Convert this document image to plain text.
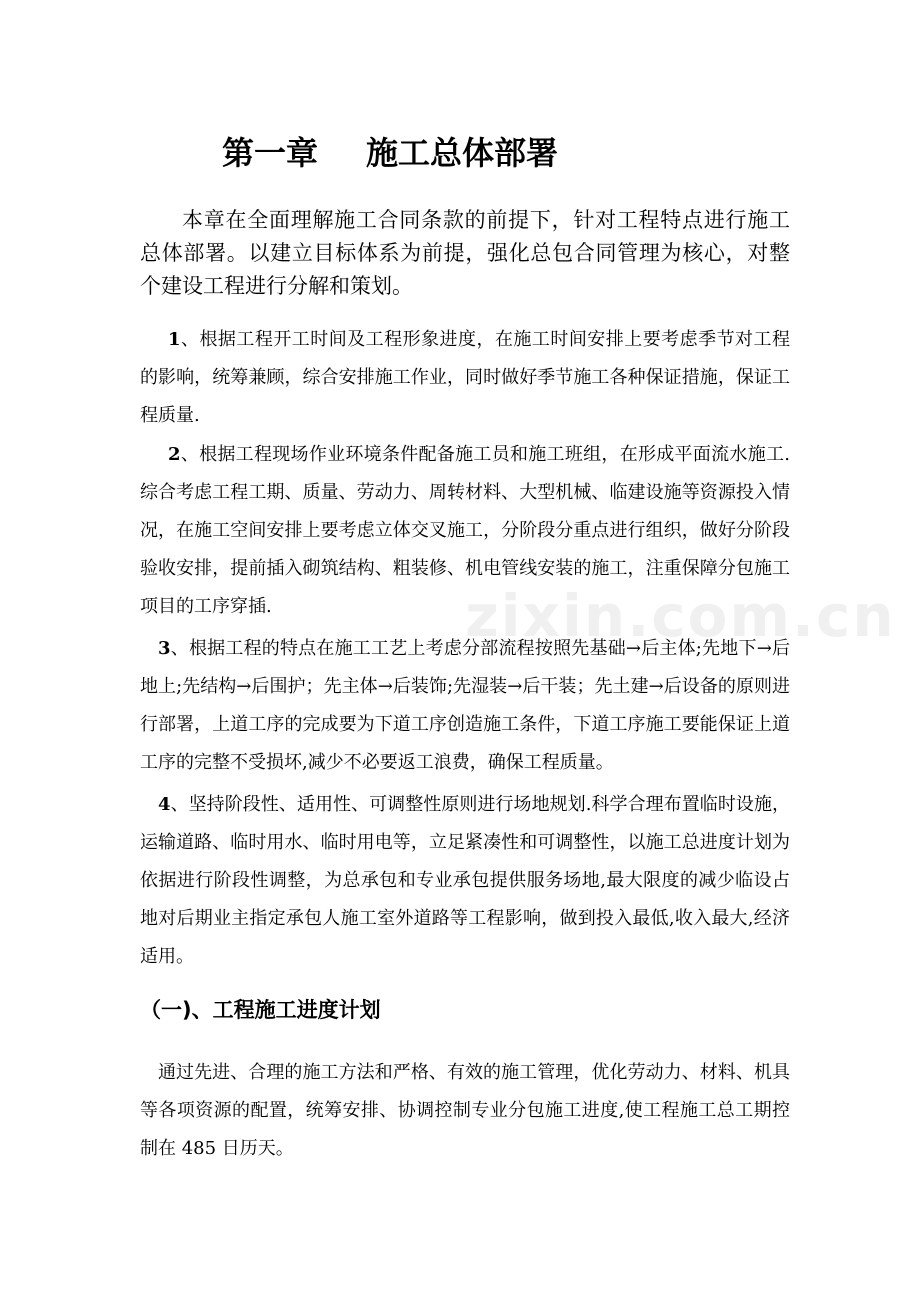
第一章 施工总体部署
本章在全面理解施工合同条款的前提下，针对工程特点进行施工总体部署。以建立目标体系为前提，强化总包合同管理为核心，对整个建设工程进行分解和策划。
1、根据工程开工时间及工程形象进度，在施工时间安排上要考虑季节对工程的影响，统筹兼顾，综合安排施工作业，同时做好季节施工各种保证措施，保证工程质量.
2、根据工程现场作业环境条件配备施工员和施工班组，在形成平面流水施工.综合考虑工程工期、质量、劳动力、周转材料、大型机械、临建设施等资源投入情况，在施工空间安排上要考虑立体交叉施工，分阶段分重点进行组织，做好分阶段验收安排，提前插入砌筑结构、粗装修、机电管线安装的施工，注重保障分包施工项目的工序穿插.
3、根据工程的特点在施工工艺上考虑分部流程按照先基础→后主体;先地下→后地上;先结构→后围护；先主体→后装饰;先湿装→后干装；先土建→后设备的原则进行部署，上道工序的完成要为下道工序创造施工条件，下道工序施工要能保证上道工序的完整不受损坏,减少不必要返工浪费，确保工程质量。
4、坚持阶段性、适用性、可调整性原则进行场地规划.科学合理布置临时设施，运输道路、临时用水、临时用电等，立足紧凑性和可调整性，以施工总进度计划为依据进行阶段性调整，为总承包和专业承包提供服务场地,最大限度的减少临设占地对后期业主指定承包人施工室外道路等工程影响，做到投入最低,收入最大,经济适用。
（一)、工程施工进度计划
通过先进、合理的施工方法和严格、有效的施工管理，优化劳动力、材料、机具等各项资源的配置，统筹安排、协调控制专业分包施工进度,使工程施工总工期控制在 485 日历天。
zixin.com.cn
